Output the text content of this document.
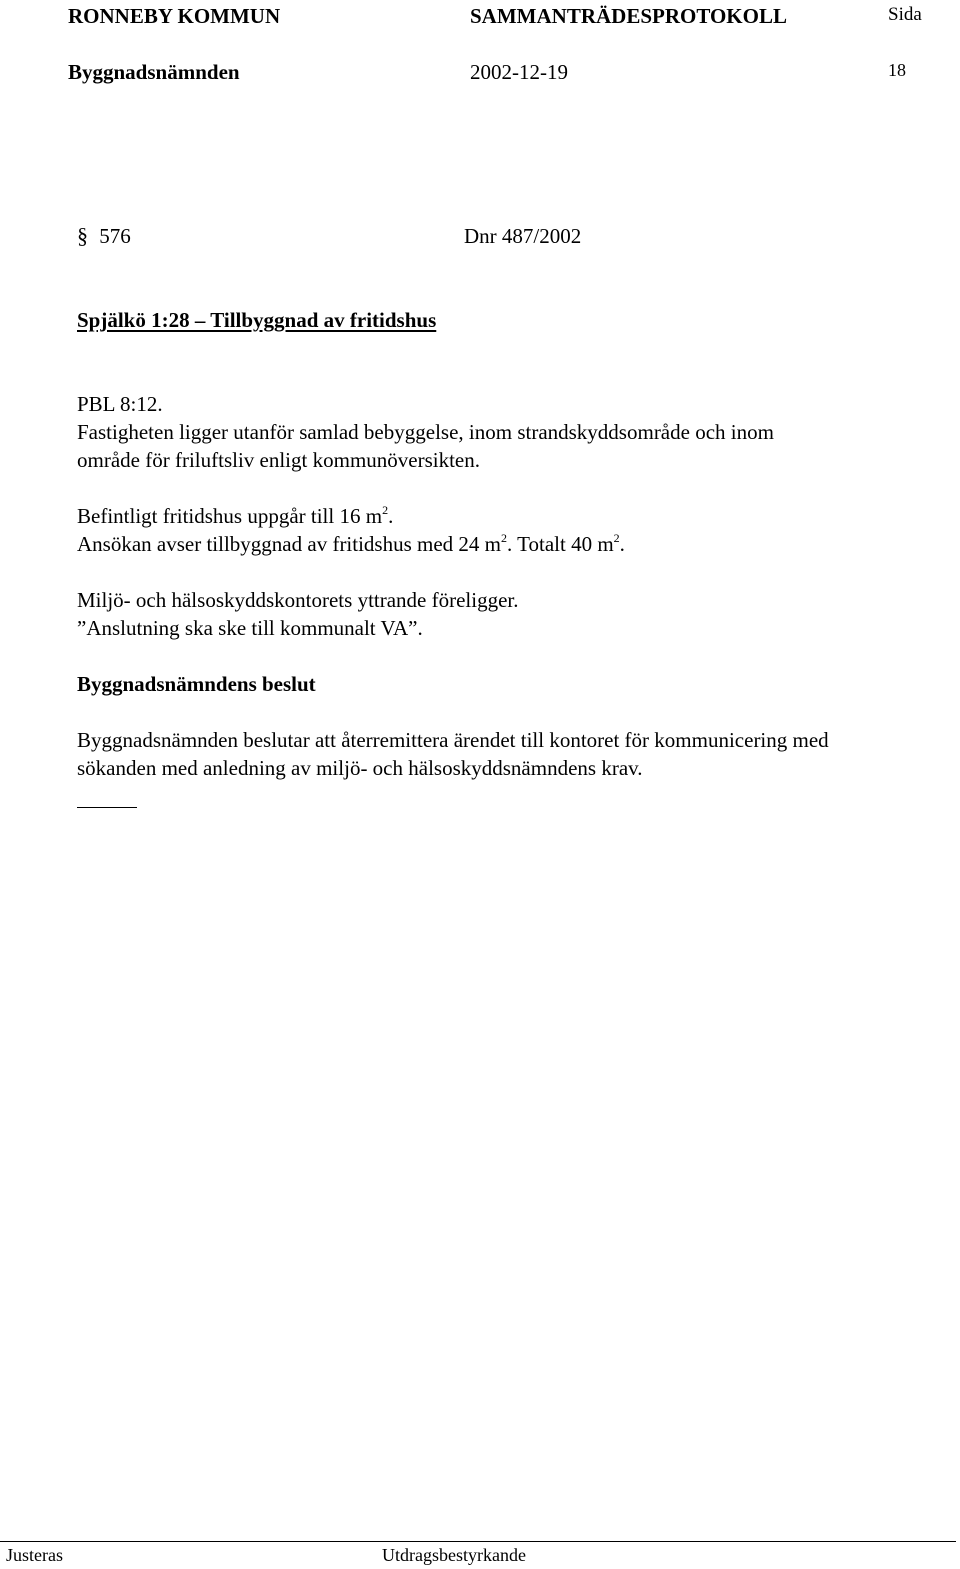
RONNEBY KOMMUN	SAMMANTRÄDESPROTOKOLL	Sida
Byggnadsnämnden	2002-12-19	18
§ 576	Dnr 487/2002
Spjälkö 1:28 – Tillbyggnad av fritidshus
PBL 8:12.
Fastigheten ligger utanför samlad bebyggelse, inom strandskyddsområde och inom
område för friluftsliv enligt kommunöversikten.
Befintligt fritidshus uppgår till 16 $m^2$.
Ansökan avser tillbyggnad av fritidshus med 24 $m^2$. Totalt 40 $m^2$.
Miljö- och hälsoskyddskontorets yttrande föreligger.
”Anslutning ska ske till kommunalt VA”.
Byggnadsnämndens beslut
Byggnadsnämnden beslutar att återremittera ärendet till kontoret för kommunicering med
sökanden med anledning av miljö- och hälsoskyddsnämndens krav.
Justeras	Utdragsbestyrkande
